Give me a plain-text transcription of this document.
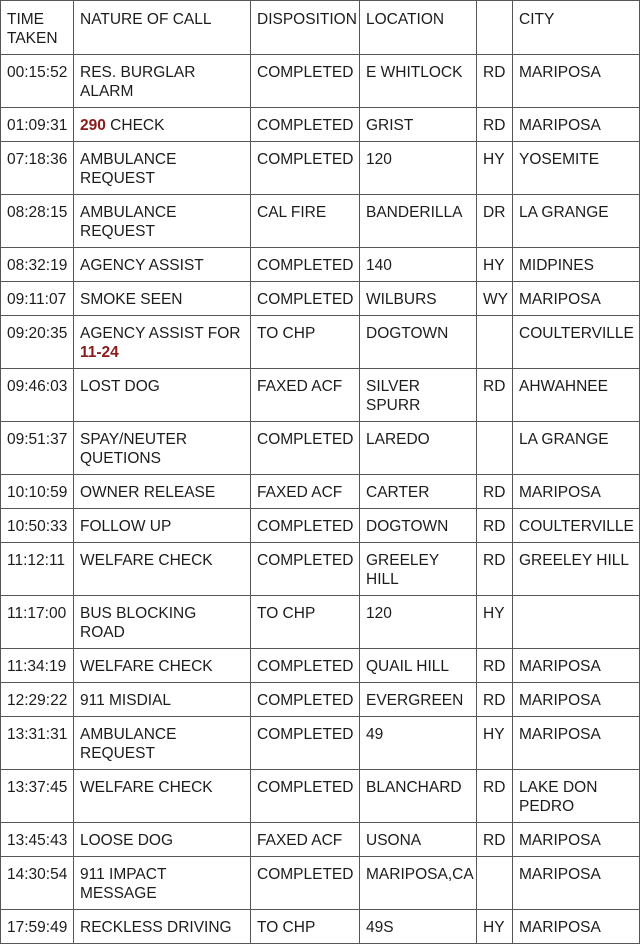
TIME TAKEN	NATURE OF CALL	DISPOSITION	LOCATION		CITY
00:15:52	RES. BURGLAR ALARM	COMPLETED	E WHITLOCK	RD	MARIPOSA
01:09:31	290 CHECK	COMPLETED	GRIST	RD	MARIPOSA
07:18:36	AMBULANCE REQUEST	COMPLETED	120	HY	YOSEMITE
08:28:15	AMBULANCE REQUEST	CAL FIRE	BANDERILLA	DR	LA GRANGE
08:32:19	AGENCY ASSIST	COMPLETED	140	HY	MIDPINES
09:11:07	SMOKE SEEN	COMPLETED	WILBURS	WY	MARIPOSA
09:20:35	AGENCY ASSIST FOR 11-24	TO CHP	DOGTOWN		COULTERVILLE
09:46:03	LOST DOG	FAXED ACF	SILVER SPURR	RD	AHWAHNEE
09:51:37	SPAY/NEUTER QUETIONS	COMPLETED	LAREDO		LA GRANGE
10:10:59	OWNER RELEASE	FAXED ACF	CARTER	RD	MARIPOSA
10:50:33	FOLLOW UP	COMPLETED	DOGTOWN	RD	COULTERVILLE
11:12:11	WELFARE CHECK	COMPLETED	GREELEY HILL	RD	GREELEY HILL
11:17:00	BUS BLOCKING ROAD	TO CHP	120	HY	
11:34:19	WELFARE CHECK	COMPLETED	QUAIL HILL	RD	MARIPOSA
12:29:22	911 MISDIAL	COMPLETED	EVERGREEN	RD	MARIPOSA
13:31:31	AMBULANCE REQUEST	COMPLETED	49	HY	MARIPOSA
13:37:45	WELFARE CHECK	COMPLETED	BLANCHARD	RD	LAKE DON PEDRO
13:45:43	LOOSE DOG	FAXED ACF	USONA	RD	MARIPOSA
14:30:54	911 IMPACT MESSAGE	COMPLETED	MARIPOSA,CA		MARIPOSA
17:59:49	RECKLESS DRIVING	TO CHP	49S	HY	MARIPOSA
